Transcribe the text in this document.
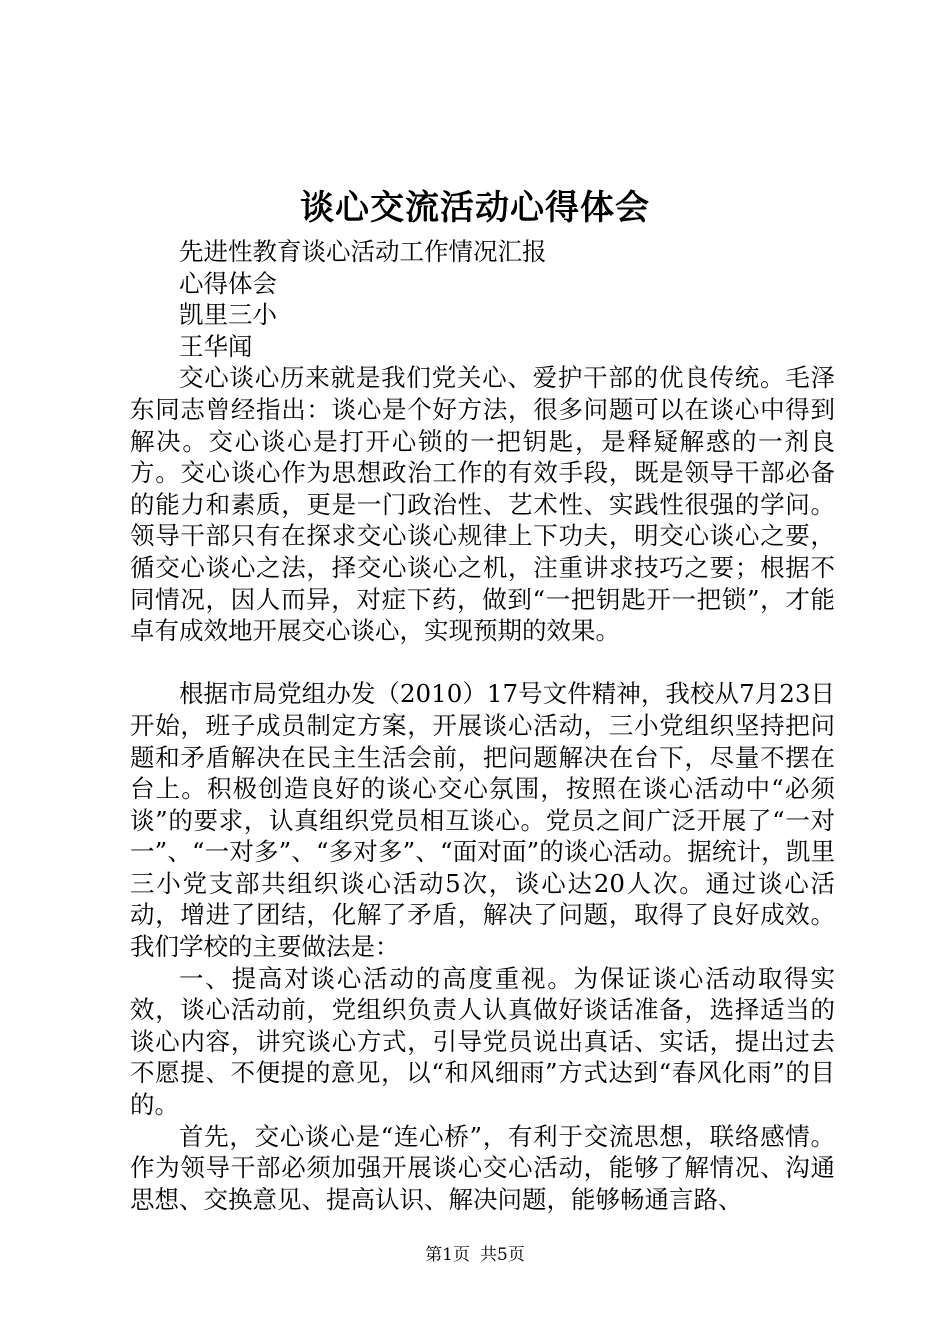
谈心交流活动心得体会

先进性教育谈心活动工作情况汇报

心得体会

凯里三小

王华闻

交心谈心历来就是我们党关心、爱护干部的优良传统。毛泽东同志曾经指出：谈心是个好方法，很多问题可以在谈心中得到解决。交心谈心是打开心锁的一把钥匙，是释疑解惑的一剂良方。交心谈心作为思想政治工作的有效手段，既是领导干部必备的能力和素质，更是一门政治性、艺术性、实践性很强的学问。领导干部只有在探求交心谈心规律上下功夫，明交心谈心之要，循交心谈心之法，择交心谈心之机，注重讲求技巧之要；根据不同情况，因人而异，对症下药，做到“一把钥匙开一把锁”，才能卓有成效地开展交心谈心，实现预期的效果。

根据市局党组办发（2010）17号文件精神，我校从7月23日开始，班子成员制定方案，开展谈心活动，三小党组织坚持把问题和矛盾解决在民主生活会前，把问题解决在台下，尽量不摆在台上。积极创造良好的谈心交心氛围，按照在谈心活动中“必须谈”的要求，认真组织党员相互谈心。党员之间广泛开展了“一对一”、“一对多”、“多对多”、“面对面”的谈心活动。据统计，凯里三小党支部共组织谈心活动5次，谈心达20人次。通过谈心活动，增进了团结，化解了矛盾，解决了问题，取得了良好成效。我们学校的主要做法是：

一、提高对谈心活动的高度重视。为保证谈心活动取得实效，谈心活动前，党组织负责人认真做好谈话准备，选择适当的谈心内容，讲究谈心方式，引导党员说出真话、实话，提出过去不愿提、不便提的意见，以“和风细雨”方式达到“春风化雨”的目的。

首先，交心谈心是“连心桥”，有利于交流思想，联络感情。作为领导干部必须加强开展谈心交心活动，能够了解情况、沟通思想、交换意见、提高认识、解决问题，能够畅通言路、

第1页 共5页
